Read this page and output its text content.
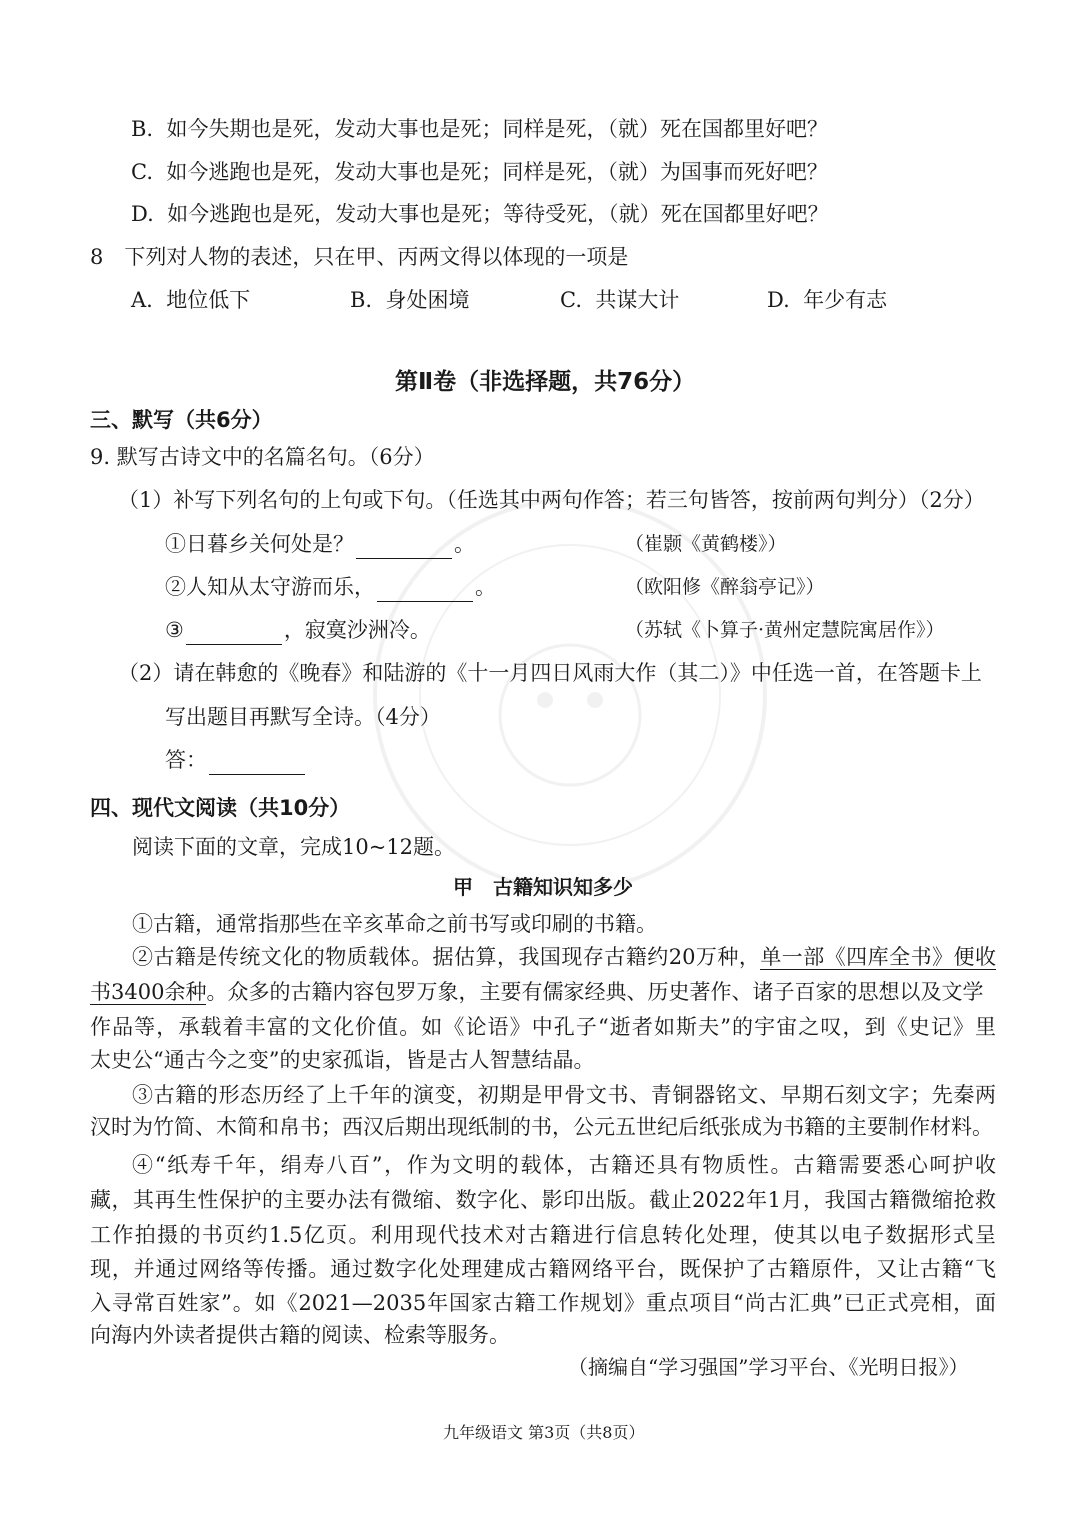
B. 如今失期也是死，发动大事也是死；同样是死，（就）死在国都里好吧？
C. 如今逃跑也是死，发动大事也是死；同样是死，（就）为国事而死好吧？
D. 如今逃跑也是死，发动大事也是死；等待受死，（就）死在国都里好吧？
8　下列对人物的表述，只在甲、丙两文得以体现的一项是
A. 地位低下	B. 身处困境	C. 共谋大计	D. 年少有志
第Ⅱ卷（非选择题，共76分）
三、默写（共6分）
9. 默写古诗文中的名篇名句。（6分）
（1）补写下列名句的上句或下句。（任选其中两句作答；若三句皆答，按前两句判分）（2分）
①日暮乡关何处是？	。	（崔颢《黄鹤楼》）
②人知从太守游而乐，	。	（欧阳修《醉翁亭记》）
③	，寂寞沙洲冷。	（苏轼《卜算子·黄州定慧院寓居作》）
（2）请在韩愈的《晚春》和陆游的《十一月四日风雨大作（其二）》中任选一首，在答题卡上
写出题目再默写全诗。（4分）
答：
四、现代文阅读（共10分）
阅读下面的文章，完成10~12题。
甲　古籍知识知多少
①古籍，通常指那些在辛亥革命之前书写或印刷的书籍。
②古籍是传统文化的物质载体。据估算，我国现存古籍约20万种，单一部《四库全书》便收
书3400余种。众多的古籍内容包罗万象，主要有儒家经典、历史著作、诸子百家的思想以及文学
作品等，承载着丰富的文化价值。如《论语》中孔子“逝者如斯夫”的宇宙之叹，到《史记》里
太史公“通古今之变”的史家孤诣，皆是古人智慧结晶。
③古籍的形态历经了上千年的演变，初期是甲骨文书、青铜器铭文、早期石刻文字；先秦两
汉时为竹简、木简和帛书；西汉后期出现纸制的书，公元五世纪后纸张成为书籍的主要制作材料。
④“纸寿千年，绢寿八百”，作为文明的载体，古籍还具有物质性。古籍需要悉心呵护收
藏，其再生性保护的主要办法有微缩、数字化、影印出版。截止2022年1月，我国古籍微缩抢救
工作拍摄的书页约1.5亿页。利用现代技术对古籍进行信息转化处理，使其以电子数据形式呈
现，并通过网络等传播。通过数字化处理建成古籍网络平台，既保护了古籍原件，又让古籍“飞
入寻常百姓家”。如《2021—2035年国家古籍工作规划》重点项目“尚古汇典”已正式亮相，面
向海内外读者提供古籍的阅读、检索等服务。
（摘编自“学习强国”学习平台、《光明日报》）
九年级语文 第3页（共8页）
